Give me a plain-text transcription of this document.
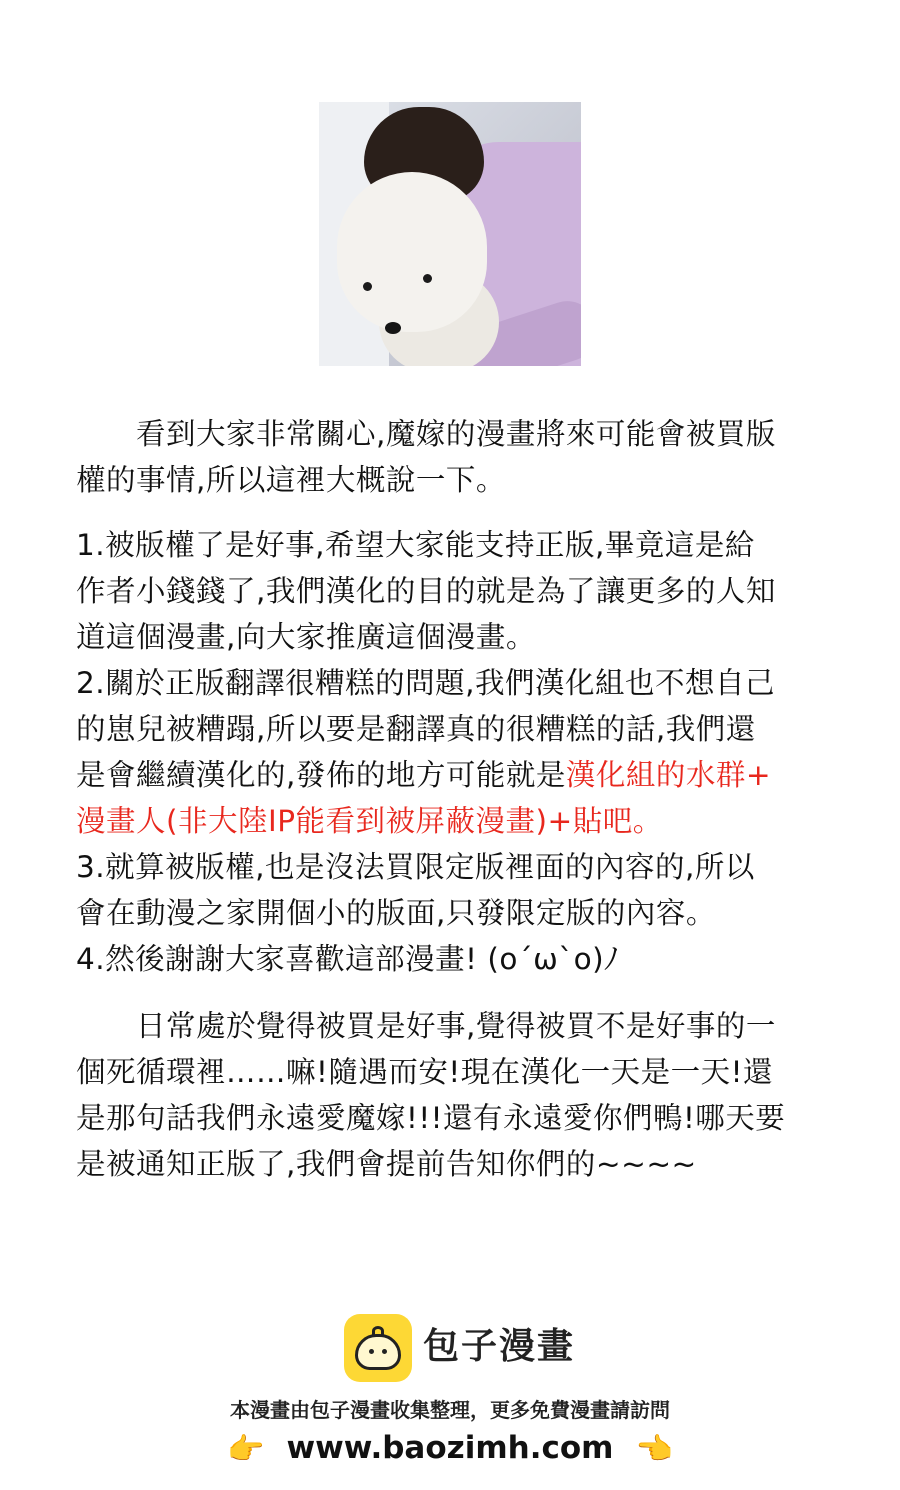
　　看到大家非常關心,魔嫁的漫畫將來可能會被買版
權的事情,所以這裡大概說一下。
1.被版權了是好事,希望大家能支持正版,畢竟這是給
作者小錢錢了,我們漢化的目的就是為了讓更多的人知
道這個漫畫,向大家推廣這個漫畫。
2.關於正版翻譯很糟糕的問題,我們漢化組也不想自己
的崽兒被糟蹋,所以要是翻譯真的很糟糕的話,我們還
是會繼續漢化的,發佈的地方可能就是漢化組的水群+
漫畫人(非大陸IP能看到被屏蔽漫畫)+貼吧。
3.就算被版權,也是沒法買限定版裡面的內容的,所以
會在動漫之家開個小的版面,只發限定版的內容。
4.然後謝謝大家喜歡這部漫畫! (o´ω`o)ﾉ
　　日常處於覺得被買是好事,覺得被買不是好事的一
個死循環裡……嘛!隨遇而安!現在漢化一天是一天!還
是那句話我們永遠愛魔嫁!!!還有永遠愛你們鴨!哪天要
是被通知正版了,我們會提前告知你們的~~~~
包子漫畫
本漫畫由包子漫畫收集整理，更多免費漫畫請訪問
👉 www.baozimh.com 👈
